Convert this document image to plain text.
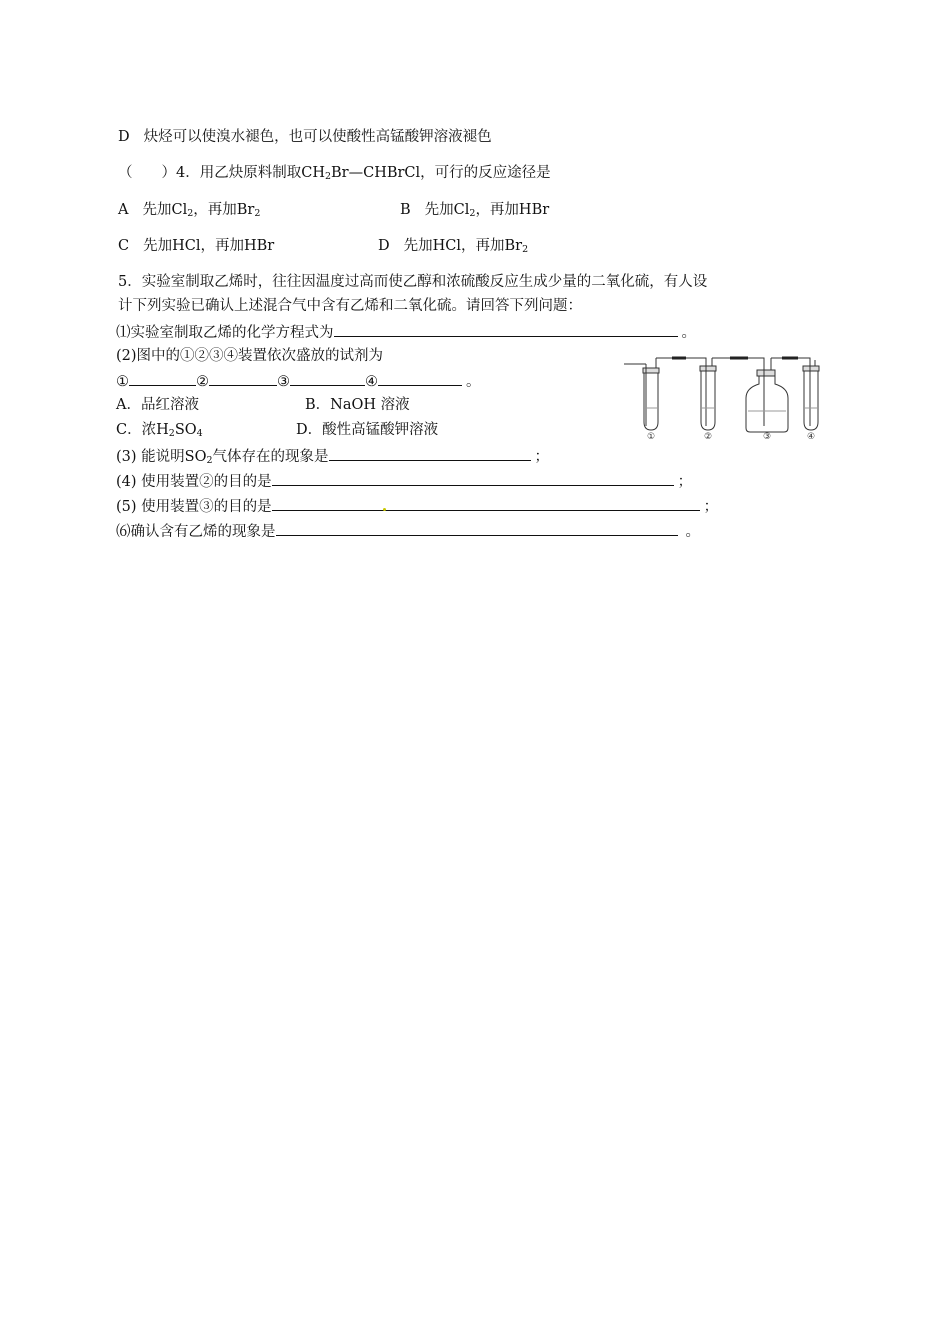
D 炔烃可以使溴水褪色，也可以使酸性高锰酸钾溶液褪色
（　　）4．用乙炔原料制取$CH_2Br—CHBrCl$，可行的反应途径是
A 先加$Cl_2$，再加$Br_2$	B 先加$Cl_2$，再加HBr
C 先加HCl，再加HBr	D 先加HCl，再加$Br_2$
5．实验室制取乙烯时，往往因温度过高而使乙醇和浓硫酸反应生成少量的二氧化硫，有人设
计下列实验已确认上述混合气中含有乙烯和二氧化硫。请回答下列问题：
⑴实验室制取乙烯的化学方程式为	。
(2)图中的①②③④装置依次盛放的试剂为
①	②	③	④	。
A．品红溶液	B．NaOH 溶液
C．浓$H_2SO_4$	D．酸性高锰酸钾溶液
(3) 能说明$SO_2$气体存在的现象是	；
(4) 使用装置②的目的是	；
(5) 使用装置③的目的是	；
⑹确认含有乙烯的现象是	。
①	②	③	④
